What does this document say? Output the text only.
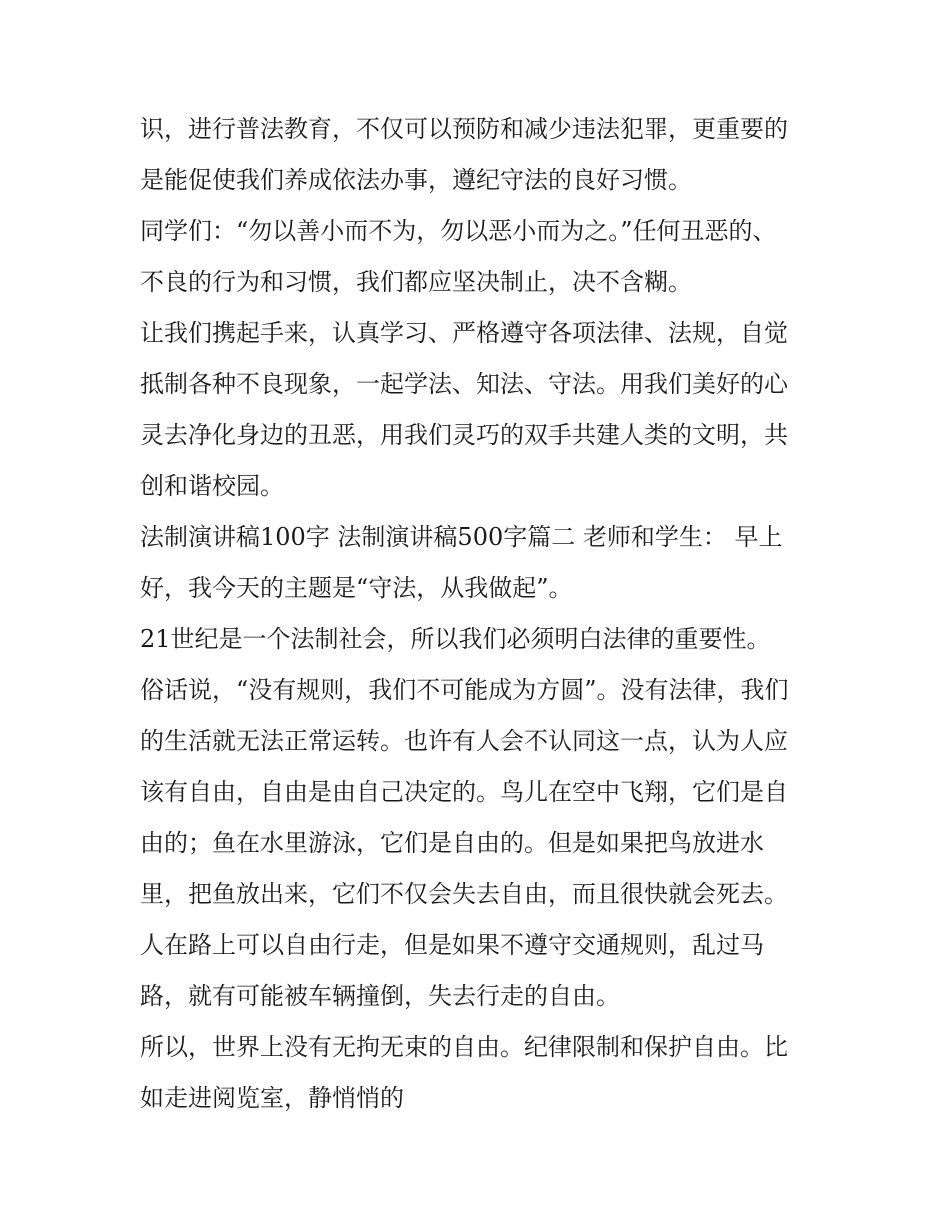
识，进行普法教育，不仅可以预防和减少违法犯罪，更重要的
是能促使我们养成依法办事，遵纪守法的良好习惯。
同学们：“勿以善小而不为，勿以恶小而为之。”任何丑恶的、
不良的行为和习惯，我们都应坚决制止，决不含糊。
让我们携起手来，认真学习、严格遵守各项法律、法规，自觉
抵制各种不良现象，一起学法、知法、守法。用我们美好的心
灵去净化身边的丑恶，用我们灵巧的双手共建人类的文明，共
创和谐校园。
法制演讲稿100字 法制演讲稿500字篇二 老师和学生： 早上
好，我今天的主题是“守法，从我做起”。
21世纪是一个法制社会，所以我们必须明白法律的重要性。
俗话说，“没有规则，我们不可能成为方圆”。没有法律，我们
的生活就无法正常运转。也许有人会不认同这一点，认为人应
该有自由，自由是由自己决定的。鸟儿在空中飞翔，它们是自
由的；鱼在水里游泳，它们是自由的。但是如果把鸟放进水
里，把鱼放出来，它们不仅会失去自由，而且很快就会死去。
人在路上可以自由行走，但是如果不遵守交通规则，乱过马
路，就有可能被车辆撞倒，失去行走的自由。
所以，世界上没有无拘无束的自由。纪律限制和保护自由。比
如走进阅览室，静悄悄的
